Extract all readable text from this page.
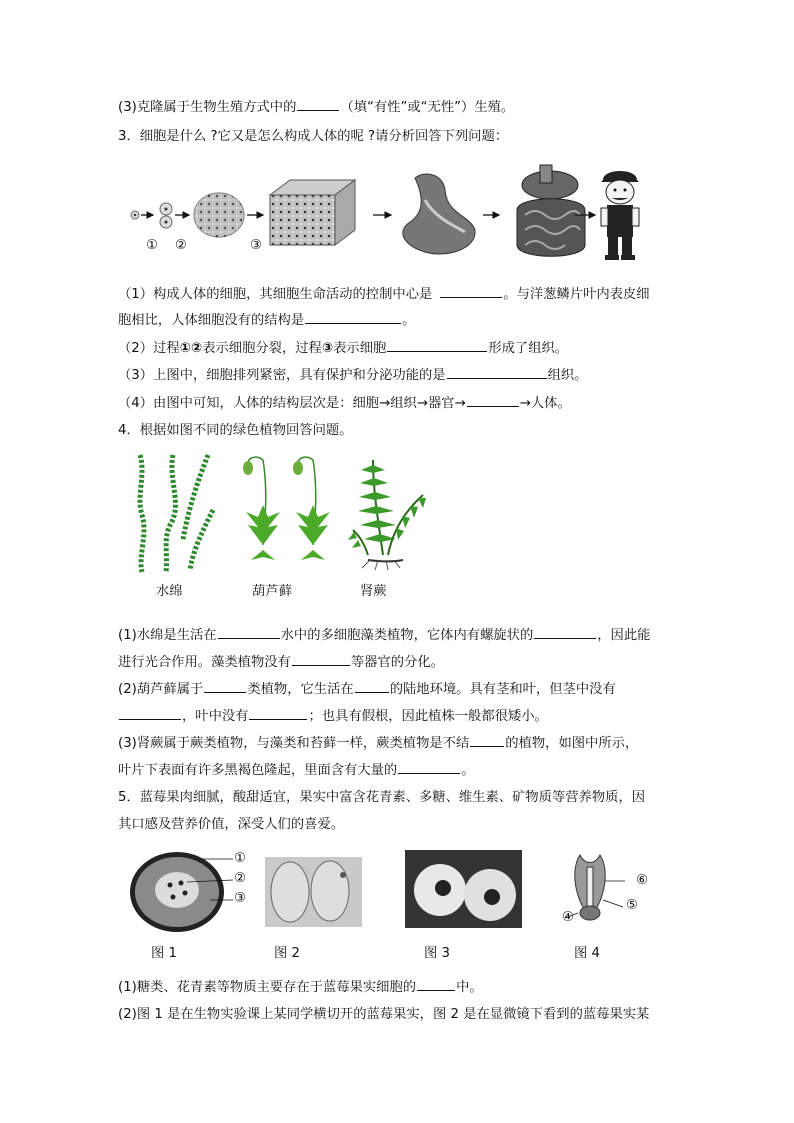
(3)克隆属于生物生殖方式中的	（填“有性”或“无性”）生殖。
3．细胞是什么 ?它又是怎么构成人体的呢 ?请分析回答下列问题：
① ②	③
（1）构成人体的细胞，其细胞生命活动的控制中心是	。与洋葱鳞片叶内表皮细
胞相比，人体细胞没有的结构是	。
（2）过程①②表示细胞分裂，过程③表示细胞	形成了组织。
（3）上图中，细胞排列紧密，具有保护和分泌功能的是	组织。
（4）由图中可知，人体的结构层次是：细胞→组织→器官→	→人体。
4．根据如图不同的绿色植物回答问题。
水绵	葫芦藓	肾蕨
(1)水绵是生活在	水中的多细胞藻类植物，它体内有螺旋状的	，因此能
进行光合作用。藻类植物没有	等器官的分化。
(2)葫芦藓属于	类植物，它生活在	的陆地环境。具有茎和叶，但茎中没有
，叶中没有	；也具有假根，因此植株一般都很矮小。
(3)肾蕨属于蕨类植物，与藻类和苔藓一样，蕨类植物是不结	的植物，如图中所示，
叶片下表面有许多黑褐色隆起，里面含有大量的	。
5．蓝莓果肉细腻，酸甜适宜，果实中富含花青素、多糖、维生素、矿物质等营养物质，因
其口感及营养价值，深受人们的喜爱。
①
②
③
⑥
⑤
④
图 1	图 2	图 3	图 4
(1)糖类、花青素等物质主要存在于蓝莓果实细胞的	中。
(2)图 1 是在生物实验课上某同学横切开的蓝莓果实，图 2 是在显微镜下看到的蓝莓果实某
